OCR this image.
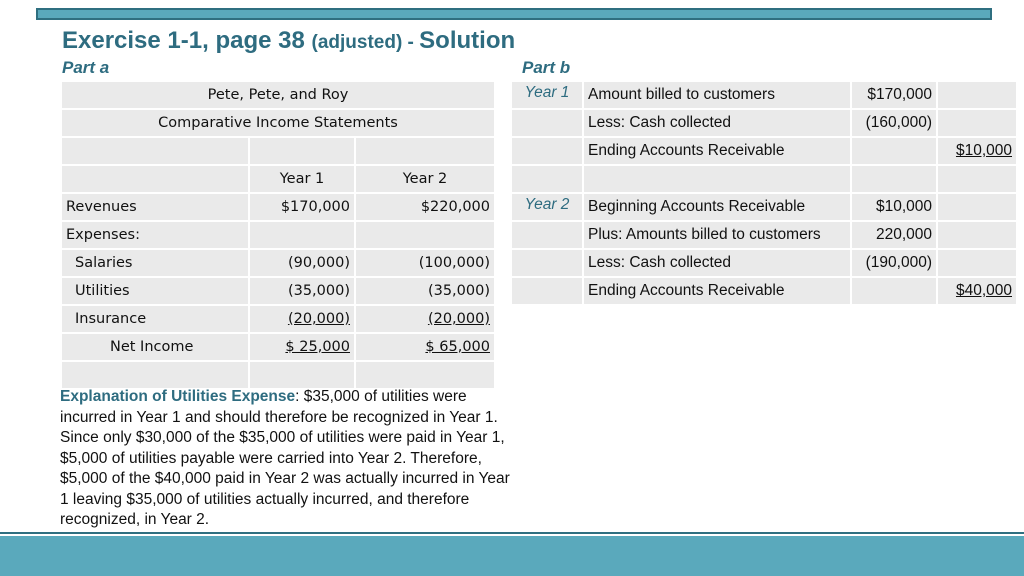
Exercise 1-1, page 38 (adjusted) - Solution
Part a	Part b
Pete, Pete, and Roy		
Comparative Income Statements		

	Year 1	Year 2
Revenues	$170,000	$220,000
Expenses:		
Salaries	(90,000)	(100,000)
Utilities	(35,000)	(35,000)
Insurance	(20,000)	(20,000)
Net Income	$ 25,000	$ 65,000

Year 1	Amount billed to customers	$170,000	
	Less: Cash collected	(160,000)	
	Ending Accounts Receivable		$10,000

Year 2	Beginning Accounts Receivable	$10,000	
	Plus: Amounts billed to customers	220,000	
	Less: Cash collected	(190,000)	
	Ending Accounts Receivable		$40,000
Explanation of Utilities Expense: $35,000 of utilities were incurred in Year 1 and should therefore be recognized in Year 1. Since only $30,000 of the $35,000 of utilities were paid in Year 1, $5,000 of utilities payable were carried into Year 2. Therefore, $5,000 of the $40,000 paid in Year 2 was actually incurred in Year 1 leaving $35,000 of utilities actually incurred, and therefore recognized, in Year 2.
